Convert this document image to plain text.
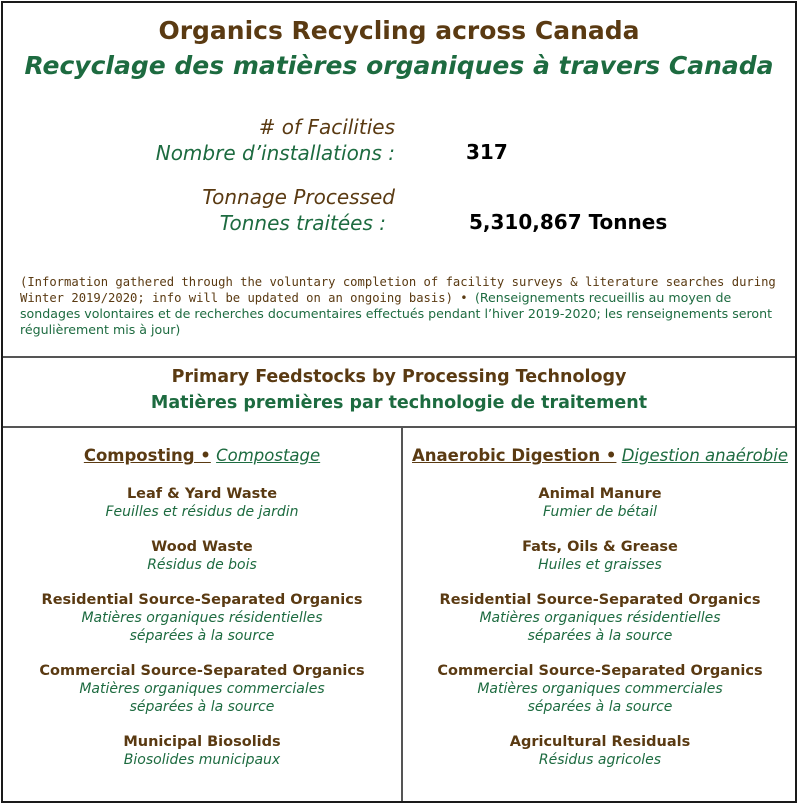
Organics Recycling across Canada
Recyclage des matières organiques à travers Canada
# of Facilities
Nombre d’installations :	317
Tonnage Processed
Tonnes traitées :	5,310,867 Tonnes
(Information gathered through the voluntary completion of facility surveys & literature searches during Winter 2019/2020; info will be updated on an ongoing basis) • (Renseignements recueillis au moyen de sondages volontaires et de recherches documentaires effectués pendant l’hiver 2019-2020; les renseignements seront régulièrement mis à jour)
Primary Feedstocks by Processing Technology
Matières premières par technologie de traitement
Composting • Compostage
Leaf & Yard Waste
Feuilles et résidus de jardin
Wood Waste
Résidus de bois
Residential Source-Separated Organics
Matières organiques résidentielles
séparées à la source
Commercial Source-Separated Organics
Matières organiques commerciales
séparées à la source
Municipal Biosolids
Biosolides municipaux
Anaerobic Digestion • Digestion anaérobie
Animal Manure
Fumier de bétail
Fats, Oils & Grease
Huiles et graisses
Residential Source-Separated Organics
Matières organiques résidentielles
séparées à la source
Commercial Source-Separated Organics
Matières organiques commerciales
séparées à la source
Agricultural Residuals
Résidus agricoles
